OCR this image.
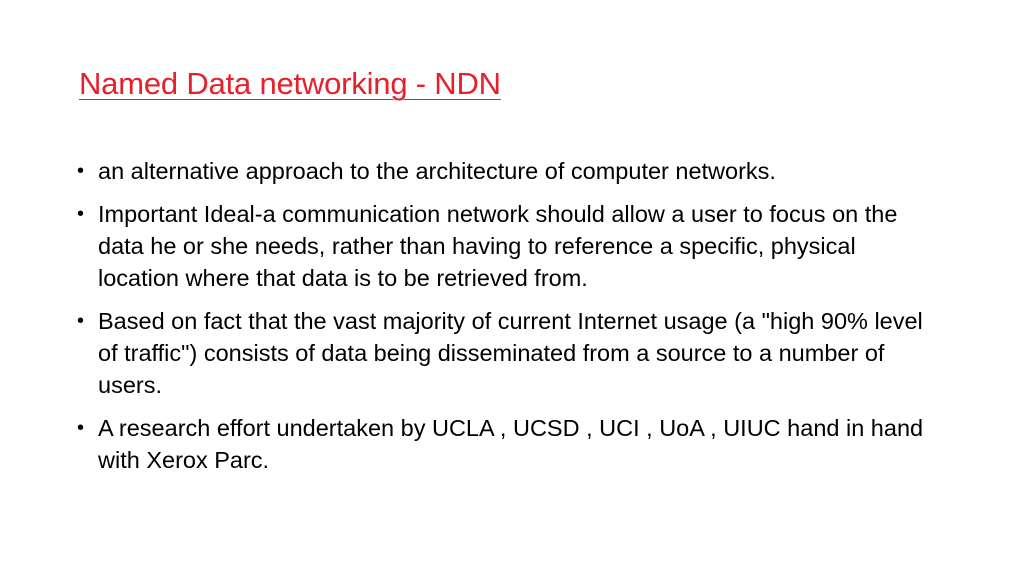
Named Data networking - NDN
• an alternative approach to the architecture of computer networks.
• Important Ideal-a communication network should allow a user to focus on the data he or she needs, rather than having to reference a specific, physical location where that data is to be retrieved from.
• Based on fact that the vast majority of current Internet usage (a "high 90% level of traffic") consists of data being disseminated from a source to a number of users.
• A research effort undertaken by UCLA , UCSD , UCI , UoA , UIUC hand in hand with Xerox Parc.
